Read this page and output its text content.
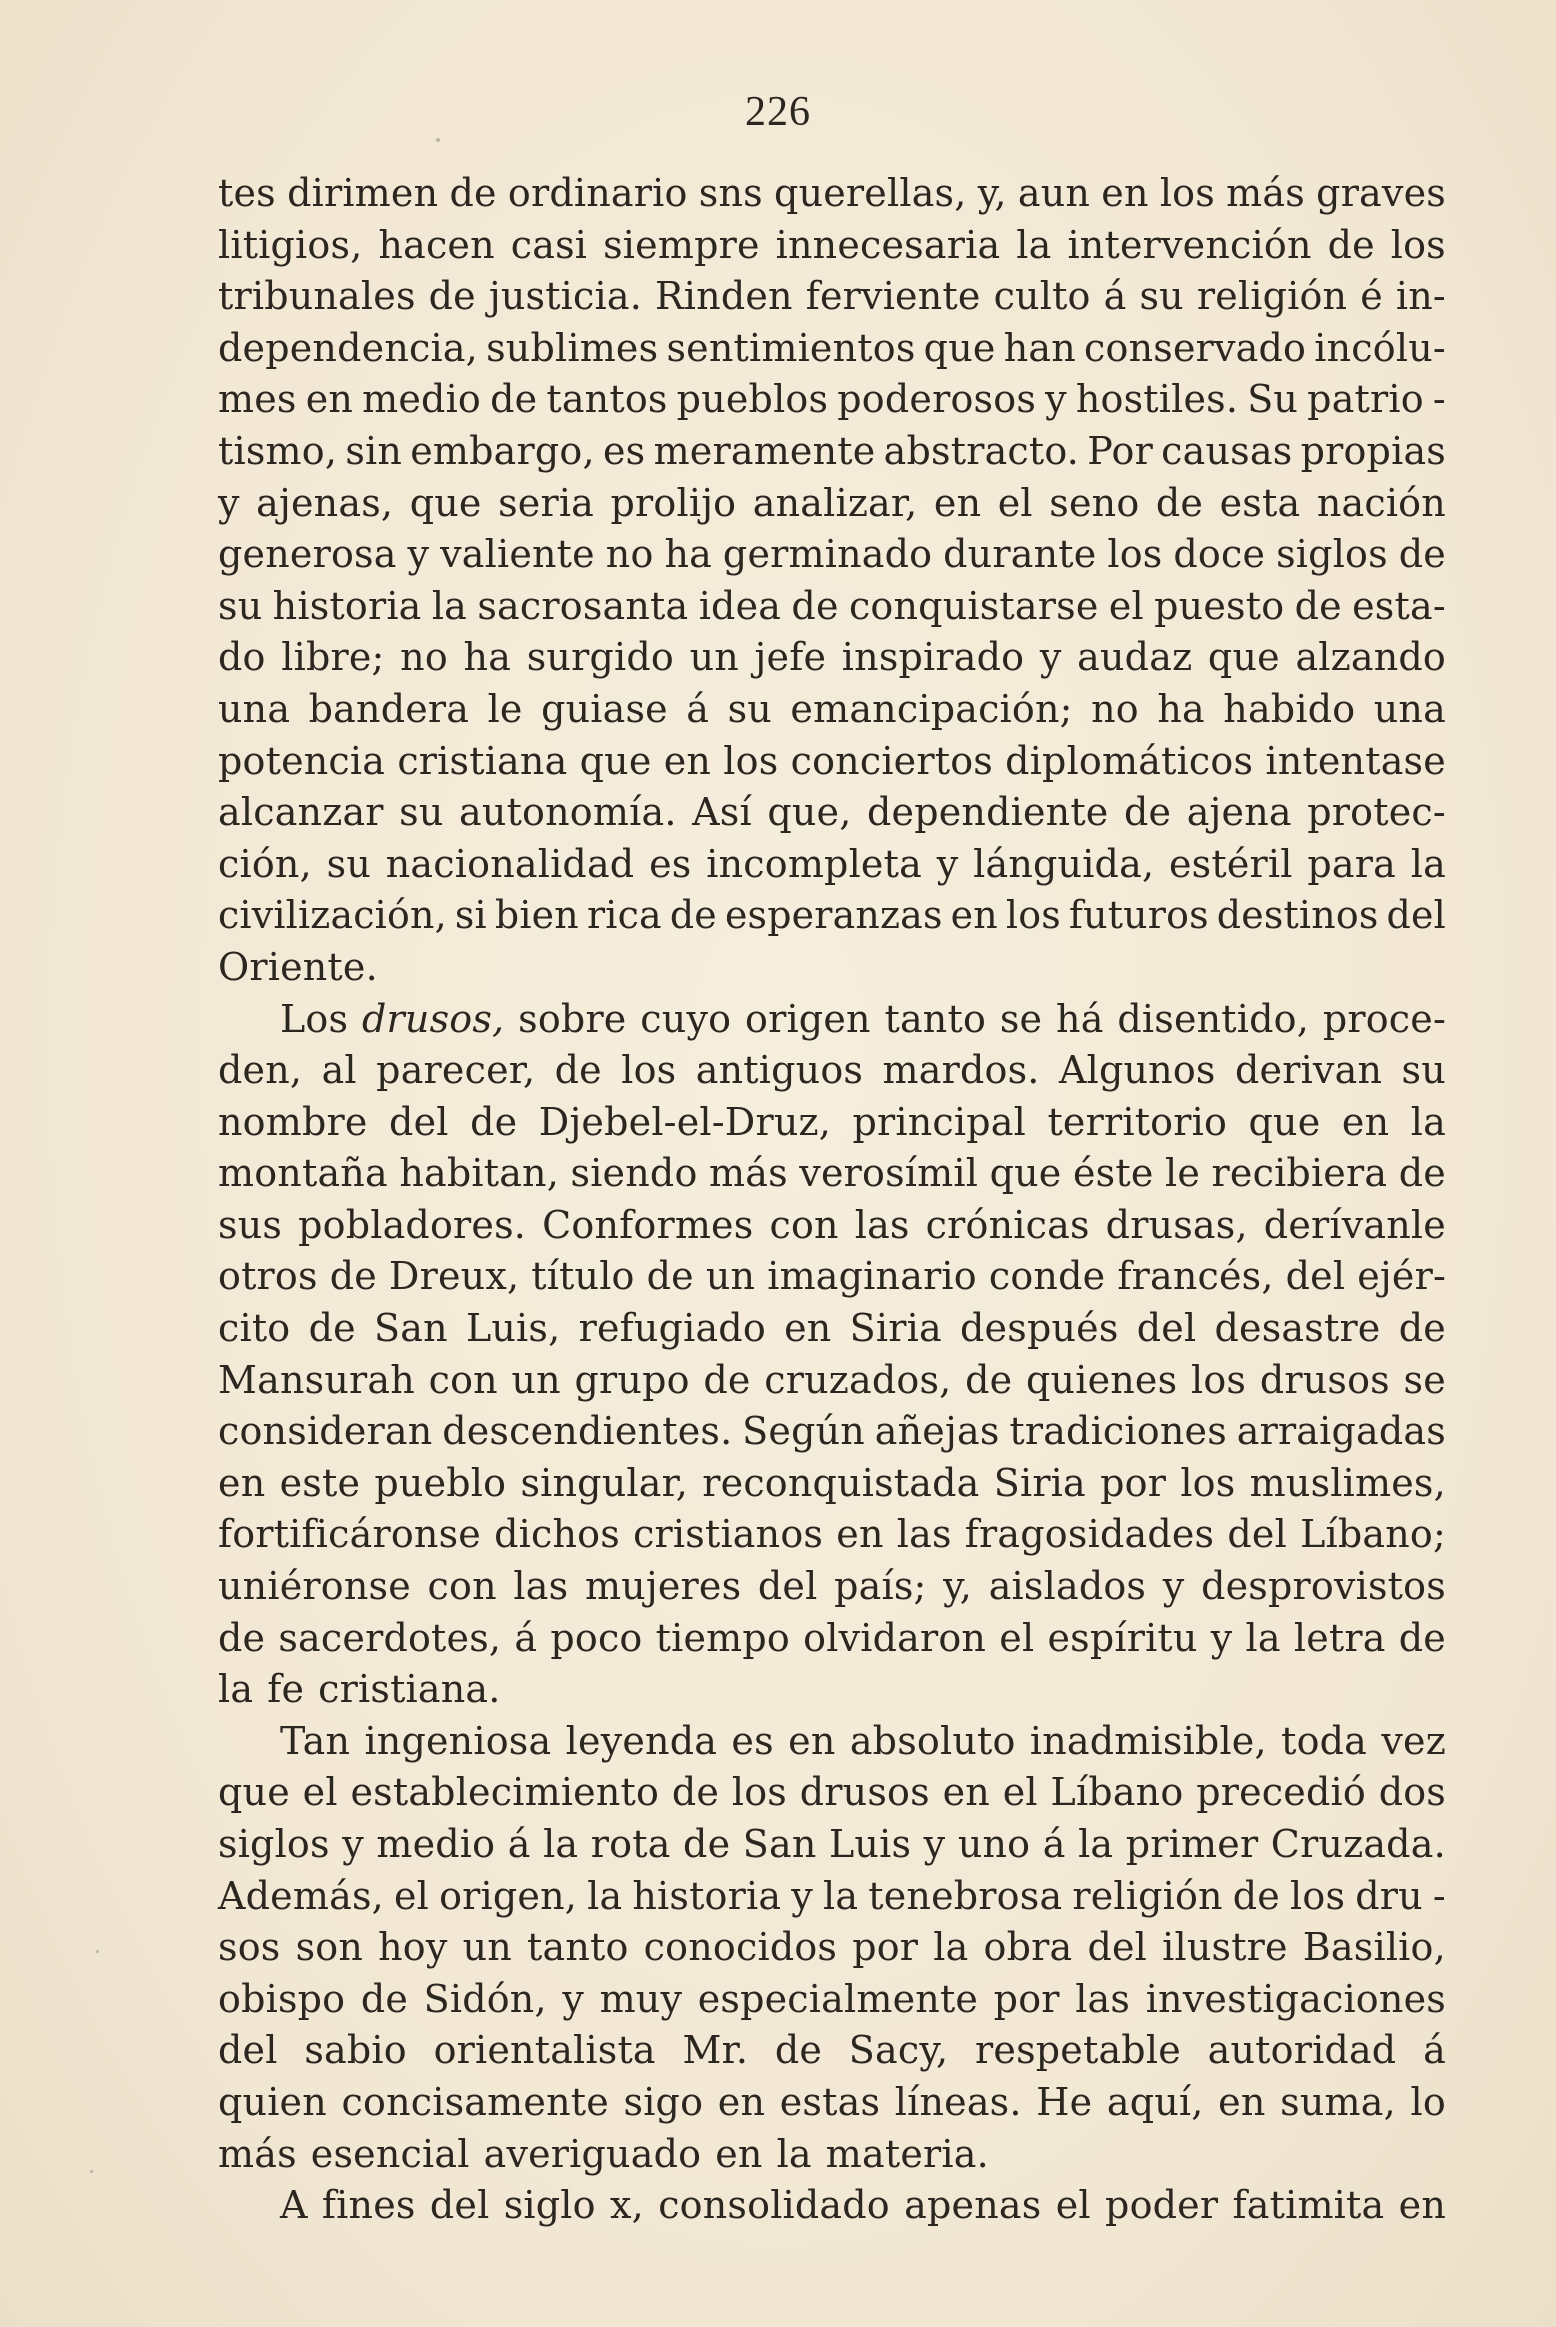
226
tes dirimen de ordinario sns querellas, y, aun en los más graves
litigios, hacen casi siempre innecesaria la intervención de los
tribunales de justicia. Rinden ferviente culto á su religión é in-
dependencia, sublimes sentimientos que han conservado incólu-
mes en medio de tantos pueblos poderosos y hostiles. Su patrio -
tismo, sin embargo, es meramente abstracto. Por causas propias
y ajenas, que seria prolijo analizar, en el seno de esta nación
generosa y valiente no ha germinado durante los doce siglos de
su historia la sacrosanta idea de conquistarse el puesto de esta-
do libre; no ha surgido un jefe inspirado y audaz que alzando
una bandera le guiase á su emancipación; no ha habido una
potencia cristiana que en los conciertos diplomáticos intentase
alcanzar su autonomía. Así que, dependiente de ajena protec-
ción, su nacionalidad es incompleta y lánguida, estéril para la
civilización, si bien rica de esperanzas en los futuros destinos del
Oriente.
Los drusos, sobre cuyo origen tanto se há disentido, proce-
den, al parecer, de los antiguos mardos. Algunos derivan su
nombre del de Djebel-el-Druz, principal territorio que en la
montaña habitan, siendo más verosímil que éste le recibiera de
sus pobladores. Conformes con las crónicas drusas, derívanle
otros de Dreux, título de un imaginario conde francés, del ejér-
cito de San Luis, refugiado en Siria después del desastre de
Mansurah con un grupo de cruzados, de quienes los drusos se
consideran descendientes. Según añejas tradiciones arraigadas
en este pueblo singular, reconquistada Siria por los muslimes,
fortificáronse dichos cristianos en las fragosidades del Líbano;
uniéronse con las mujeres del país; y, aislados y desprovistos
de sacerdotes, á poco tiempo olvidaron el espíritu y la letra de
la fe cristiana.
Tan ingeniosa leyenda es en absoluto inadmisible, toda vez
que el establecimiento de los drusos en el Líbano precedió dos
siglos y medio á la rota de San Luis y uno á la primer Cruzada.
Además, el origen, la historia y la tenebrosa religión de los dru -
sos son hoy un tanto conocidos por la obra del ilustre Basilio,
obispo de Sidón, y muy especialmente por las investigaciones
del sabio orientalista Mr. de Sacy, respetable autoridad á
quien concisamente sigo en estas líneas. He aquí, en suma, lo
más esencial averiguado en la materia.
A fines del siglo x, consolidado apenas el poder fatimita en
